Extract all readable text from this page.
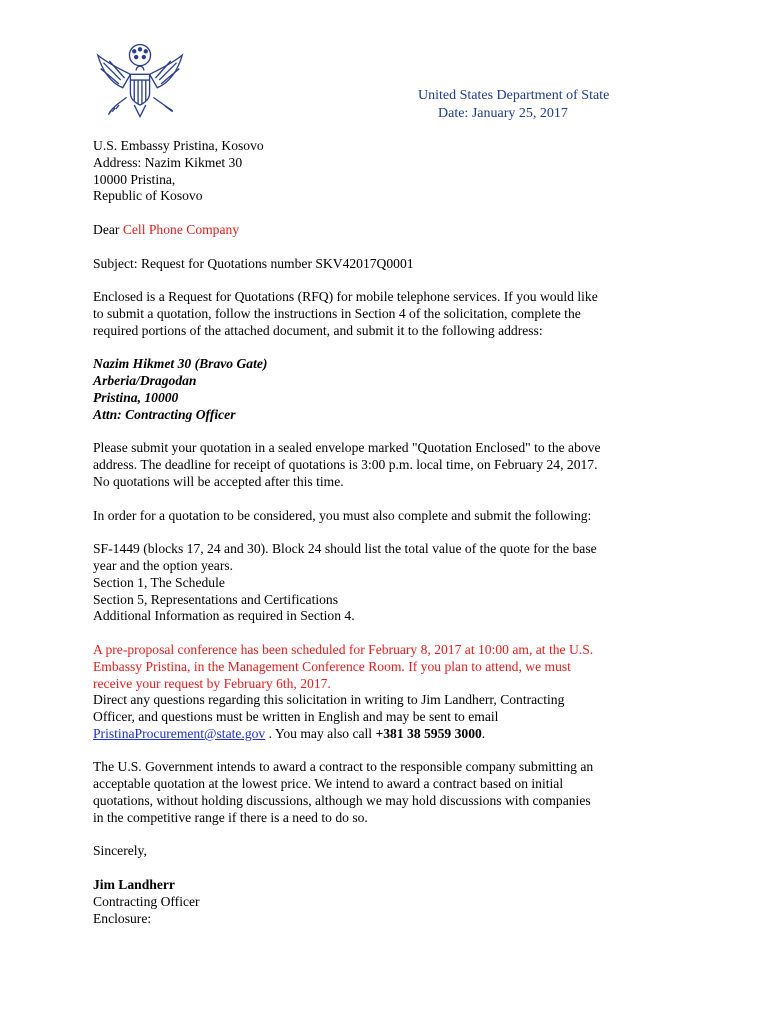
United States Department of State
Date: January 25, 2017
U.S. Embassy Pristina, Kosovo
Address: Nazim Kikmet 30
10000 Pristina,
Republic of Kosovo
Dear Cell Phone Company
Subject: Request for Quotations number SKV42017Q0001
Enclosed is a Request for Quotations (RFQ) for mobile telephone services. If you would like
to submit a quotation, follow the instructions in Section 4 of the solicitation, complete the
required portions of the attached document, and submit it to the following address:
Nazim Hikmet 30 (Bravo Gate)
Arberia/Dragodan
Pristina, 10000
Attn: Contracting Officer
Please submit your quotation in a sealed envelope marked "Quotation Enclosed" to the above
address. The deadline for receipt of quotations is 3:00 p.m. local time, on February 24, 2017.
No quotations will be accepted after this time.
In order for a quotation to be considered, you must also complete and submit the following:
SF-1449 (blocks 17, 24 and 30). Block 24 should list the total value of the quote for the base
year and the option years.
Section 1, The Schedule
Section 5, Representations and Certifications
Additional Information as required in Section 4.
A pre-proposal conference has been scheduled for February 8, 2017 at 10:00 am, at the U.S.
Embassy Pristina, in the Management Conference Room. If you plan to attend, we must
receive your request by February 6th, 2017.
Direct any questions regarding this solicitation in writing to Jim Landherr, Contracting
Officer, and questions must be written in English and may be sent to email
PristinaProcurement@state.gov . You may also call +381 38 5959 3000.
The U.S. Government intends to award a contract to the responsible company submitting an
acceptable quotation at the lowest price. We intend to award a contract based on initial
quotations, without holding discussions, although we may hold discussions with companies
in the competitive range if there is a need to do so.
Sincerely,
Jim Landherr
Contracting Officer
Enclosure:
